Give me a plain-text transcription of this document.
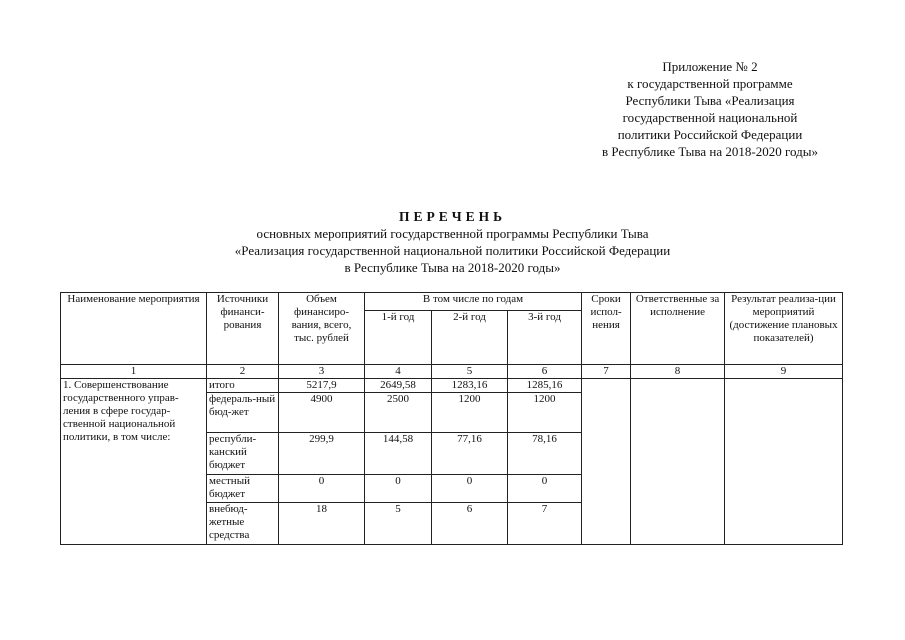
Приложение № 2
к государственной программе
Республики Тыва «Реализация
государственной национальной
политики Российской Федерации
в Республике Тыва на 2018-2020 годы»
ПЕРЕЧЕНЬ
основных мероприятий государственной программы Республики Тыва
«Реализация государственной национальной политики Российской Федерации
в Республике Тыва на 2018-2020 годы»
Наименование мероприятия	Источники финанси-рования	Объем финансиро-вания, всего, тыс. рублей	В том числе по годам			Сроки испол-нения	Ответственные за исполнение	Результат реализа-ции мероприятий (достижение плановых показателей)
			1-й год	2-й год	3-й год			
1	2	3	4	5	6	7	8	9
1. Совершенствование государственного управ-ления в сфере государ-ственной национальной политики, в том числе:	итого	5217,9	2649,58	1283,16	1285,16			
	федераль-ный бюд-жет	4900	2500	1200	1200			
	республи-канский бюджет	299,9	144,58	77,16	78,16			
	местный бюджет	0	0	0	0			
	внебюд-жетные средства	18	5	6	7			
